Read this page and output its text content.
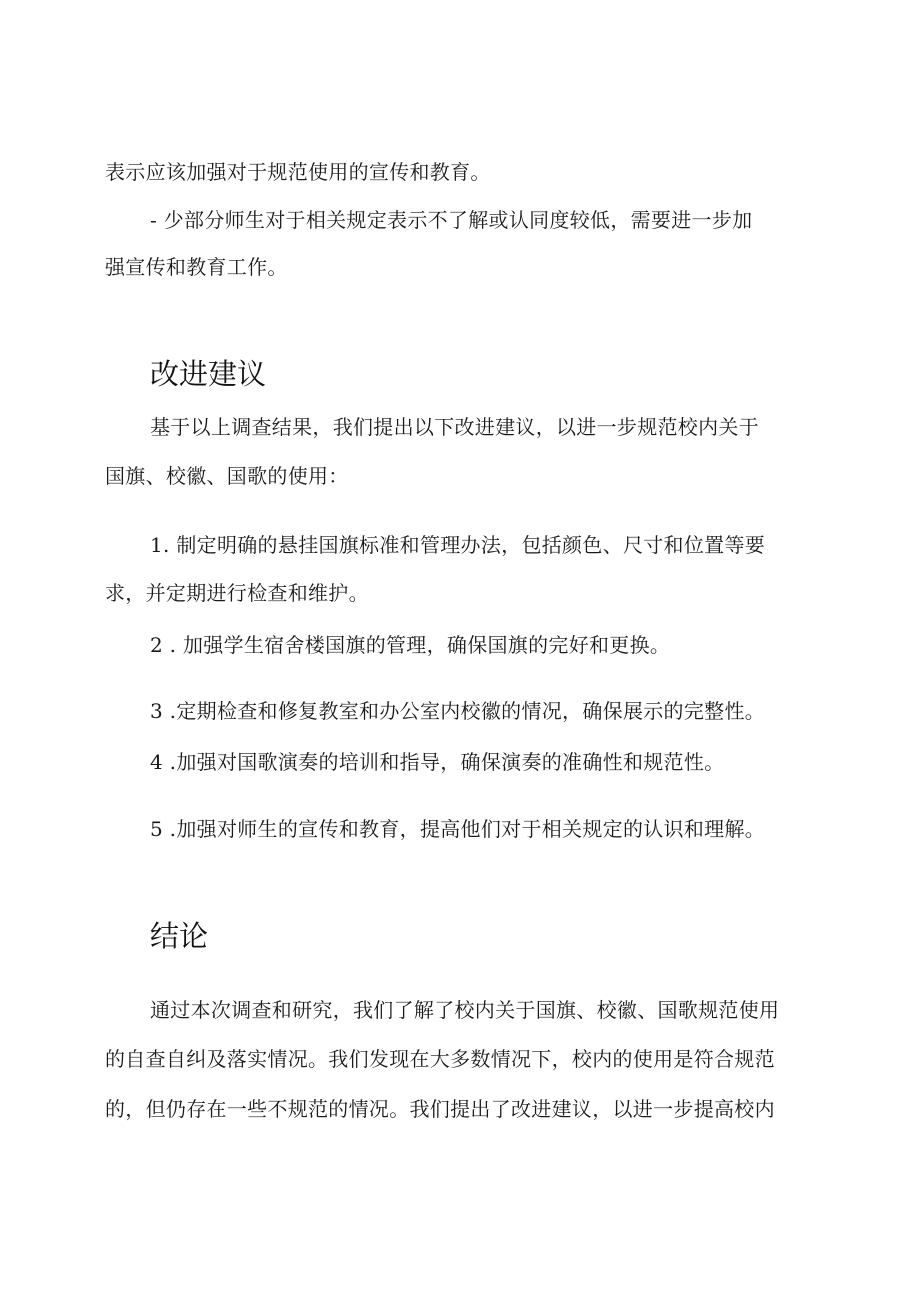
表示应该加强对于规范使用的宣传和教育。
- 少部分师生对于相关规定表示不了解或认同度较低，需要进一步加
强宣传和教育工作。
改进建议
基于以上调查结果，我们提出以下改进建议，以进一步规范校内关于
国旗、校徽、国歌的使用：
1. 制定明确的悬挂国旗标准和管理办法，包括颜色、尺寸和位置等要
求，并定期进行检查和维护。
2 . 加强学生宿舍楼国旗的管理，确保国旗的完好和更换。
3 .定期检查和修复教室和办公室内校徽的情况，确保展示的完整性。
4 .加强对国歌演奏的培训和指导，确保演奏的准确性和规范性。
5 .加强对师生的宣传和教育，提高他们对于相关规定的认识和理解。
结论
通过本次调查和研究，我们了解了校内关于国旗、校徽、国歌规范使用
的自查自纠及落实情况。我们发现在大多数情况下，校内的使用是符合规范
的，但仍存在一些不规范的情况。我们提出了改进建议，以进一步提高校内
